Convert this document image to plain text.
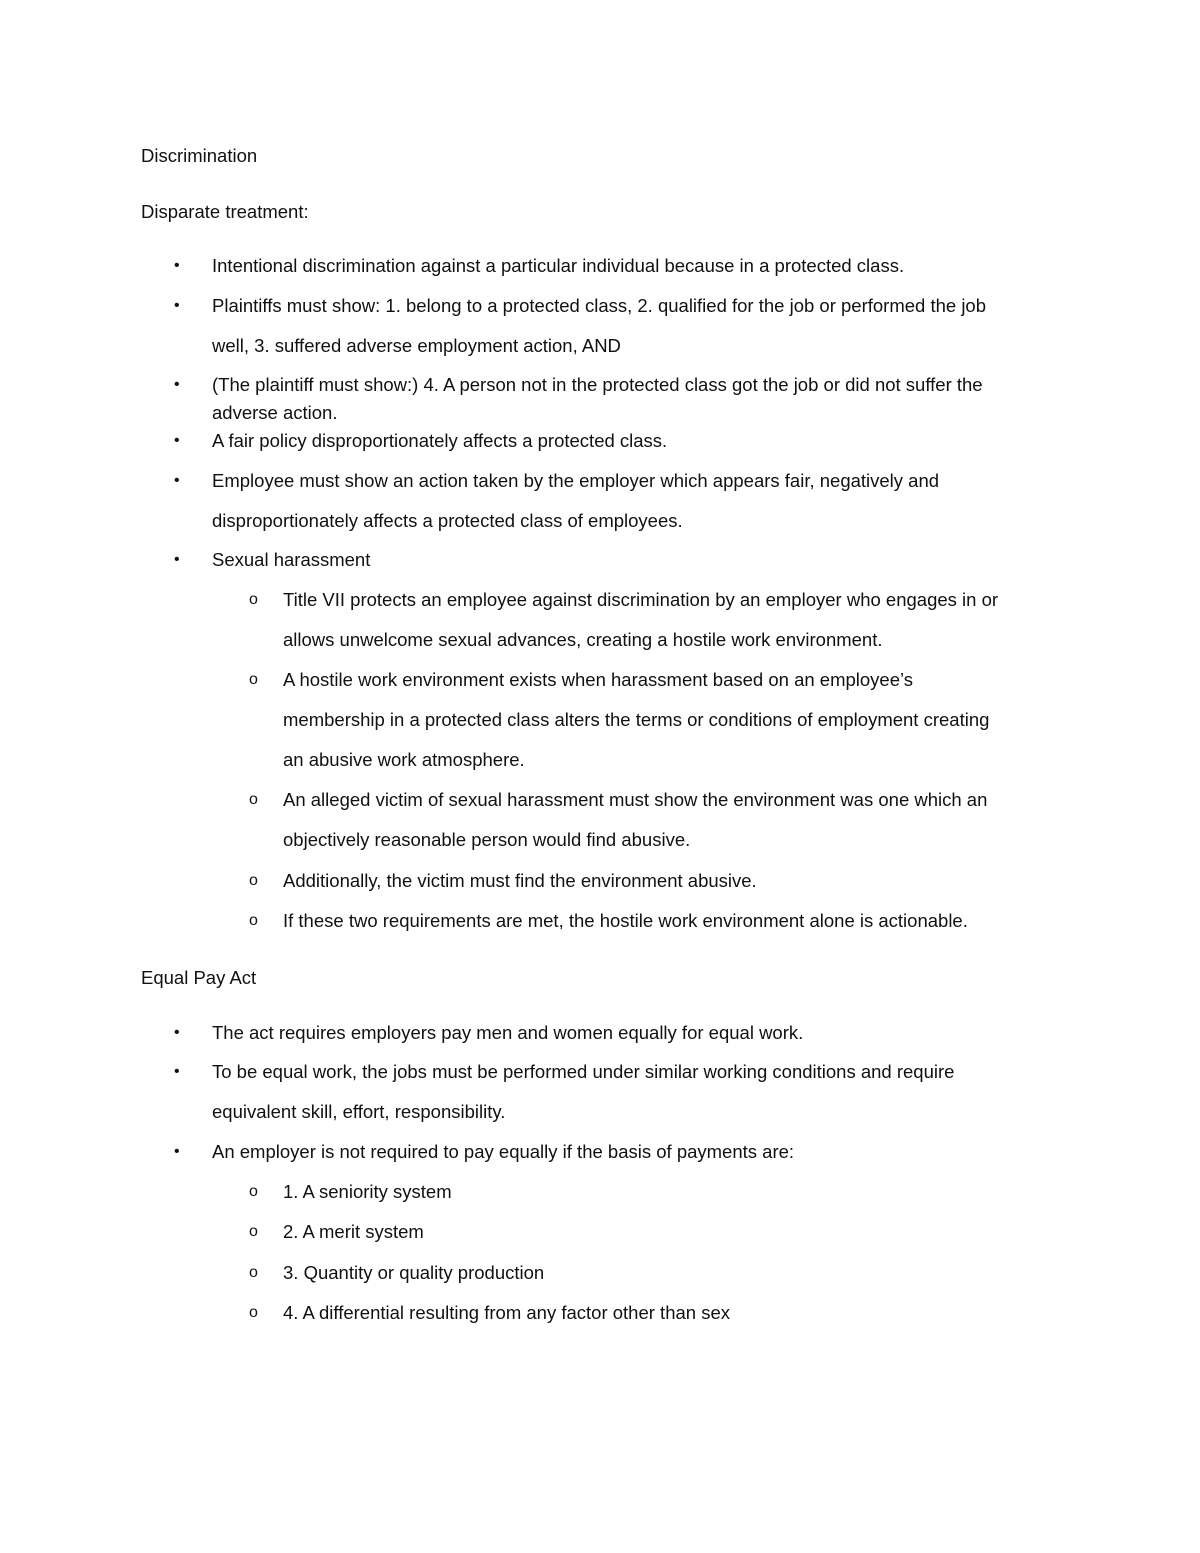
Discrimination
Disparate treatment:
• Intentional discrimination against a particular individual because in a protected class.
• Plaintiffs must show: 1. belong to a protected class, 2. qualified for the job or performed the job
well, 3. suffered adverse employment action, AND
• (The plaintiff must show:) 4. A person not in the protected class got the job or did not suffer the
adverse action.
• A fair policy disproportionately affects a protected class.
• Employee must show an action taken by the employer which appears fair, negatively and
disproportionately affects a protected class of employees.
• Sexual harassment
o Title VII protects an employee against discrimination by an employer who engages in or
allows unwelcome sexual advances, creating a hostile work environment.
o A hostile work environment exists when harassment based on an employee’s
membership in a protected class alters the terms or conditions of employment creating
an abusive work atmosphere.
o An alleged victim of sexual harassment must show the environment was one which an
objectively reasonable person would find abusive.
o Additionally, the victim must find the environment abusive.
o If these two requirements are met, the hostile work environment alone is actionable.
Equal Pay Act
• The act requires employers pay men and women equally for equal work.
• To be equal work, the jobs must be performed under similar working conditions and require
equivalent skill, effort, responsibility.
• An employer is not required to pay equally if the basis of payments are:
o 1. A seniority system
o 2. A merit system
o 3. Quantity or quality production
o 4. A differential resulting from any factor other than sex
